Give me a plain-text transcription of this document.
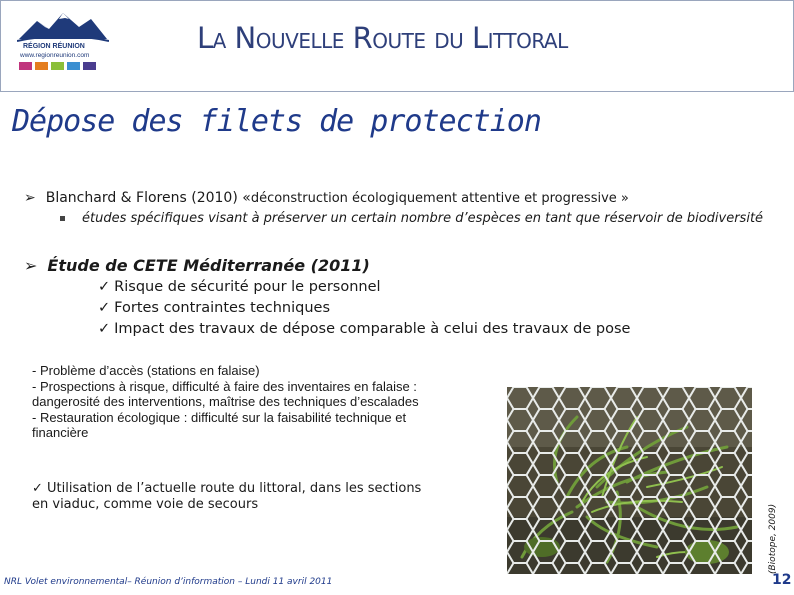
RÉGION RÉUNION
www.regionreunion.com
La Nouvelle Route du Littoral
Dépose des filets de protection
➢ Blanchard & Florens (2010) «déconstruction écologiquement attentive et progressive »
études spécifiques visant à préserver un certain nombre d’espèces en tant que réservoir de biodiversité
➢ Étude de CETE Méditerranée (2011)
✓ Risque de sécurité pour le personnel
✓ Fortes contraintes techniques
✓ Impact des travaux de dépose comparable à celui des travaux de pose
- Problème d’accès (stations en falaise)
- Prospections à risque, difficulté à faire des inventaires en falaise : dangerosité des interventions, maîtrise des techniques d’escalades
- Restauration écologique : difficulté sur la faisabilité technique et financière
✓ Utilisation de l’actuelle route du littoral, dans les sections en viaduc, comme voie de secours	(Biotope, 2009)
NRL Volet environnemental– Réunion d’information – Lundi 11 avril 2011	12
